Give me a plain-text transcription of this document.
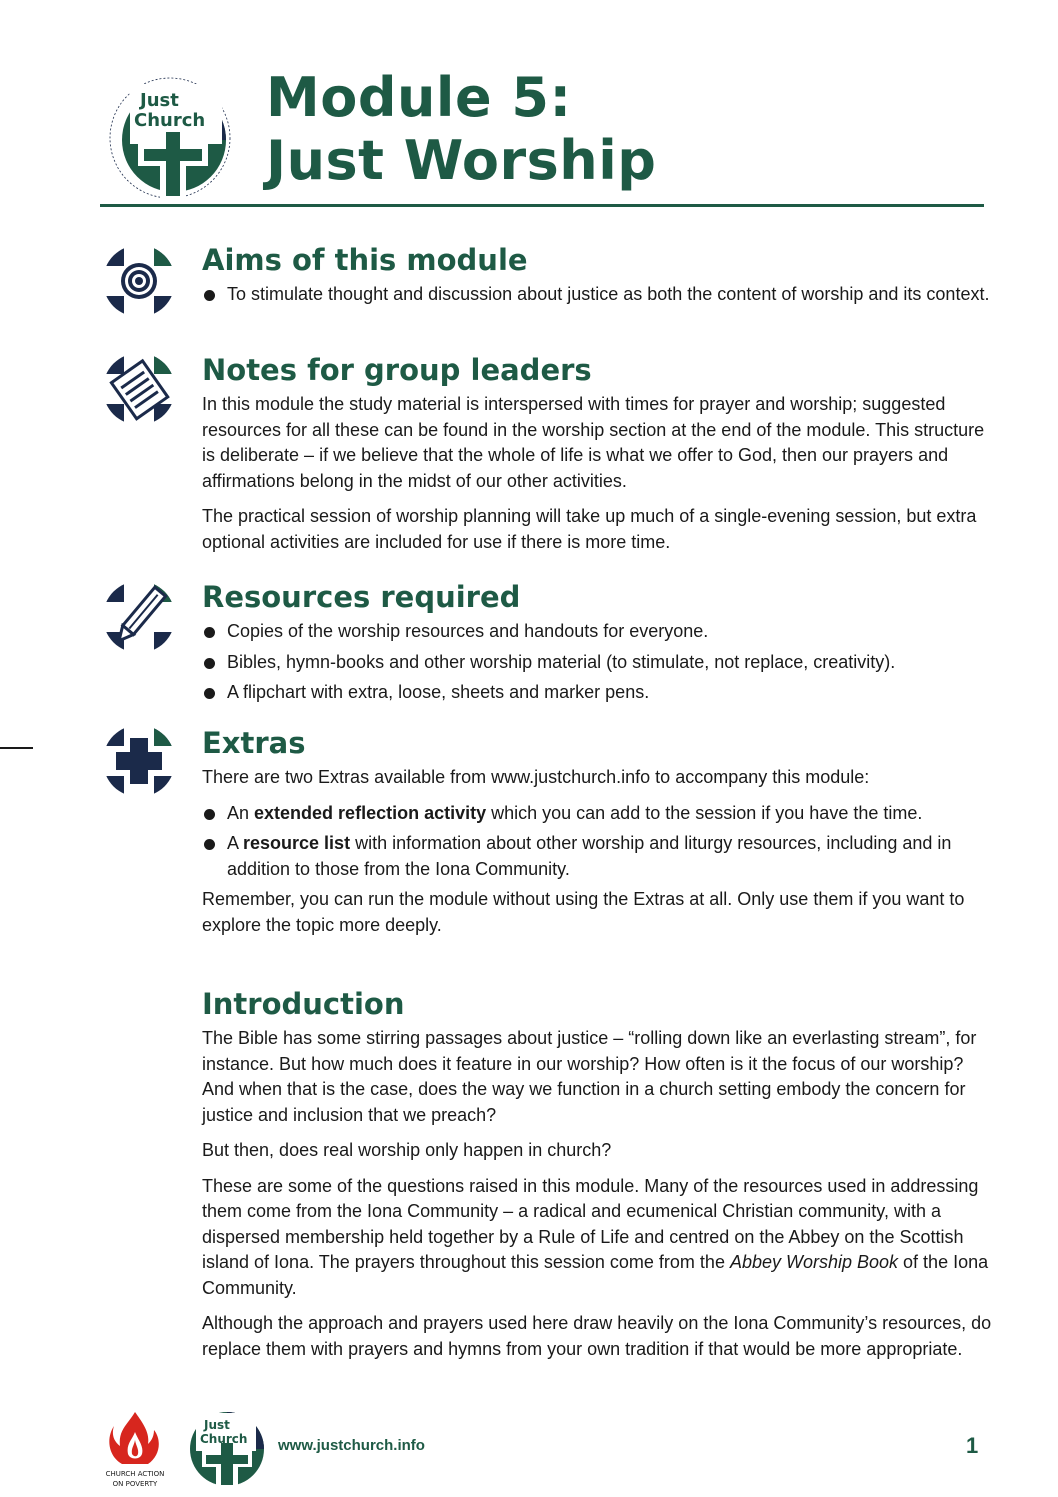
Just
Church Module 5:
Just Worship
Aims of this module
To stimulate thought and discussion about justice as both the content of worship and its context.
Notes for group leaders

In this module the study material is interspersed with times for prayer and worship; suggested resources for all these can be found in the worship section at the end of the module. This structure is deliberate – if we believe that the whole of life is what we offer to God, then our prayers and affirmations belong in the midst of our other activities.

The practical session of worship planning will take up much of a single-evening session, but extra optional activities are included for use if there is more time.

Resources required
Copies of the worship resources and handouts for everyone.
Bibles, hymn-books and other worship material (to stimulate, not replace, creativity).
A flipchart with extra, loose, sheets and marker pens.
Extras

There are two Extras available from www.justchurch.info to accompany this module:

An extended reflection activity which you can add to the session if you have the time.
A resource list with information about other worship and liturgy resources, including and in addition to those from the Iona Community.

Remember, you can run the module without using the Extras at all. Only use them if you want to explore the topic more deeply.

Introduction

The Bible has some stirring passages about justice – “rolling down like an everlasting stream”, for instance. But how much does it feature in our worship? How often is it the focus of our worship? And when that is the case, does the way we function in a church setting embody the concern for justice and inclusion that we preach?

But then, does real worship only happen in church?

These are some of the questions raised in this module. Many of the resources used in addressing them come from the Iona Community – a radical and ecumenical Christian community, with a dispersed membership held together by a Rule of Life and centred on the Abbey on the Scottish island of Iona. The prayers throughout this session come from the Abbey Worship Book of the Iona Community.

Although the approach and prayers used here draw heavily on the Iona Community’s resources, do replace them with prayers and hymns from your own tradition if that would be more appropriate.

CHURCH ACTION
ON POVERTY
Just
Church www.justchurch.info	1
